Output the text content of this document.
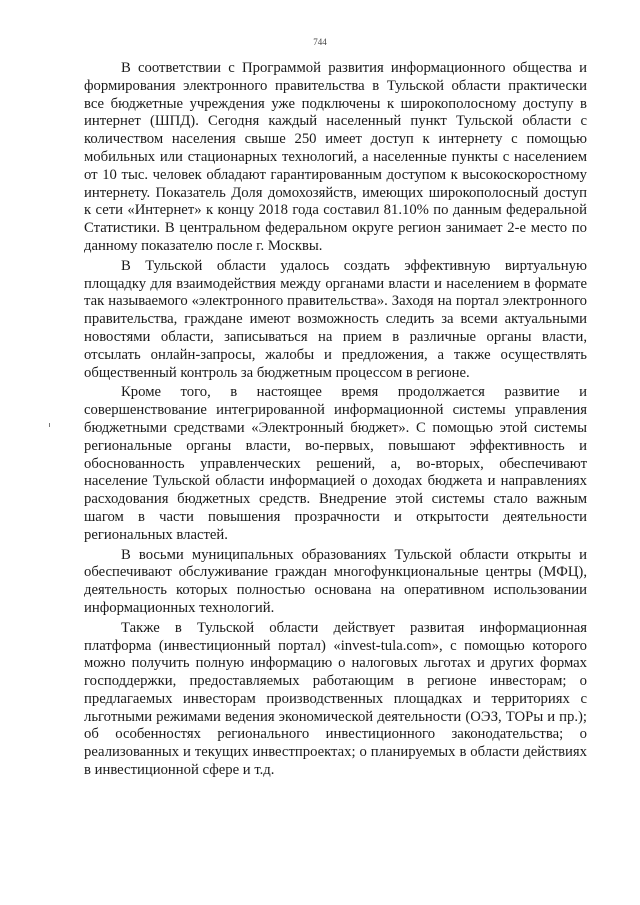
744

В соответствии с Программой развития информационного общества и формирования электронного правительства в Тульской области практически все бюджетные учреждения уже подключены к широкополосному доступу в интернет (ШПД). Сегодня каждый населенный пункт Тульской области с количеством населения свыше 250 имеет доступ к интернету с помощью мобильных или стационарных технологий, а населенные пункты с населением от 10 тыс. человек обладают гарантированным доступом к высокоскоростному интернету. Показатель Доля домохозяйств, имеющих широкополосный доступ к сети «Интернет» к концу 2018 года составил 81.10% по данным федеральной Статистики. В центральном федеральном округе регион занимает 2-е место по данному показателю после г. Москвы.

В Тульской области удалось создать эффективную виртуальную площадку для взаимодействия между органами власти и населением в формате так называемого «электронного правительства». Заходя на портал электронного правительства, граждане имеют возможность следить за всеми актуальными новостями области, записываться на прием в различные органы власти, отсылать онлайн-запросы, жалобы и предложения, а также осуществлять общественный контроль за бюджетным процессом в регионе.

Кроме того, в настоящее время продолжается развитие и совершенствование интегрированной информационной системы управления бюджетными средствами «Электронный бюджет». С помощью этой системы региональные органы власти, во-первых, повышают эффективность и обоснованность управленческих решений, а, во-вторых, обеспечивают население Тульской области информацией о доходах бюджета и направлениях расходования бюджетных средств. Внедрение этой системы стало важным шагом в части повышения прозрачности и открытости деятельности региональных властей.

В восьми муниципальных образованиях Тульской области открыты и обеспечивают обслуживание граждан многофункциональные центры (МФЦ), деятельность которых полностью основана на оперативном использовании информационных технологий.

Также в Тульской области действует развитая информационная платформа (инвестиционный портал) «invest-tula.com», с помощью которого можно получить полную информацию о налоговых льготах и других формах господдержки, предоставляемых работающим в регионе инвесторам; о предлагаемых инвесторам производственных площадках и территориях с льготными режимами ведения экономической деятельности (ОЭЗ, ТОРы и пр.); об особенностях регионального инвестиционного законодательства; о реализованных и текущих инвестпроектах; о планируемых в области действиях в инвестиционной сфере и т.д.
